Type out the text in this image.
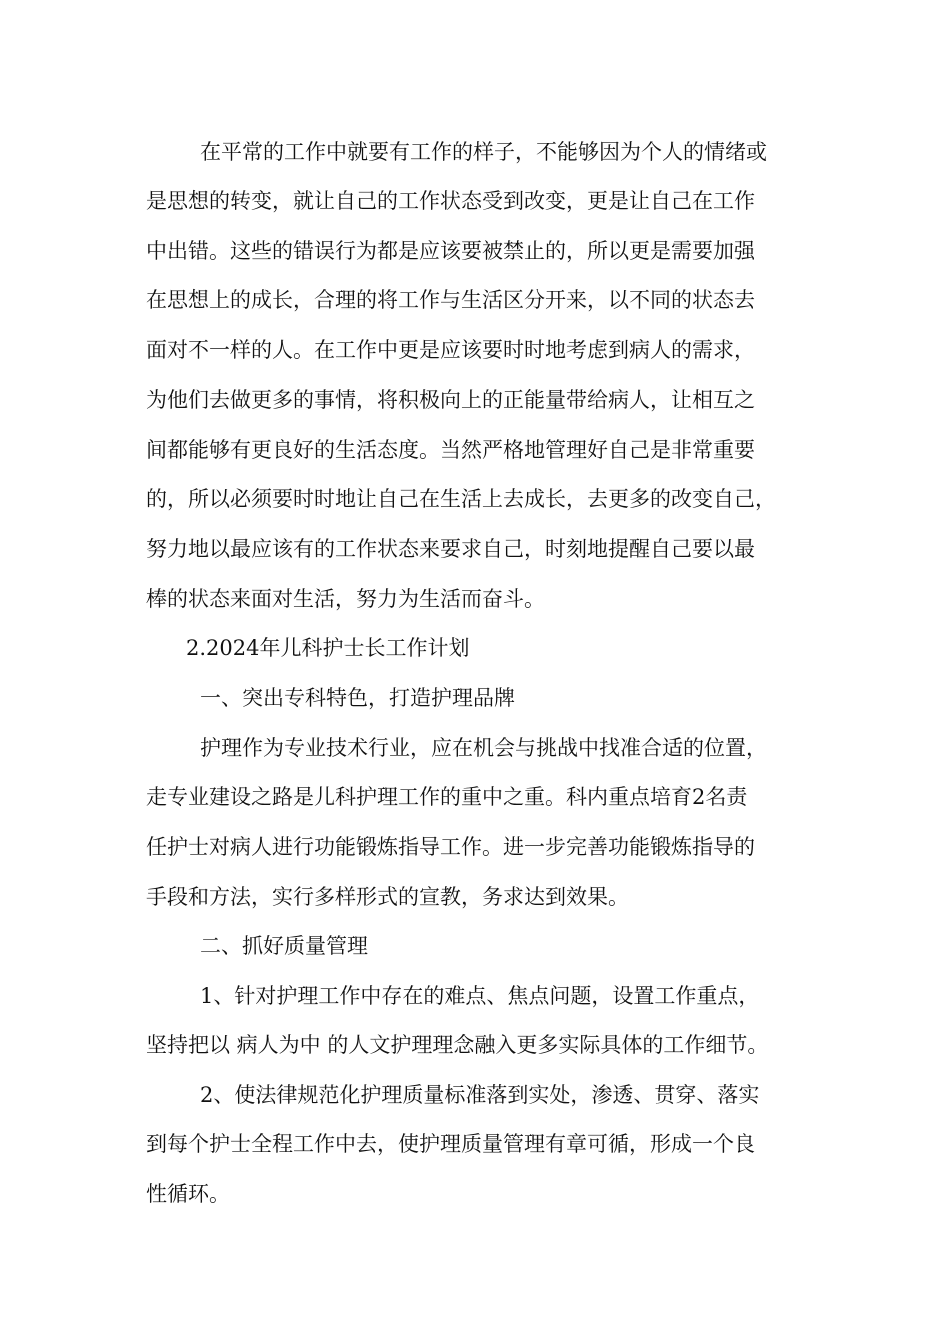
在平常的工作中就要有工作的样子，不能够因为个人的情绪或
是思想的转变，就让自己的工作状态受到改变，更是让自己在工作
中出错。这些的错误行为都是应该要被禁止的，所以更是需要加强
在思想上的成长，合理的将工作与生活区分开来，以不同的状态去
面对不一样的人。在工作中更是应该要时时地考虑到病人的需求，
为他们去做更多的事情，将积极向上的正能量带给病人，让相互之
间都能够有更良好的生活态度。当然严格地管理好自己是非常重要
的，所以必须要时时地让自己在生活上去成长，去更多的改变自己，
努力地以最应该有的工作状态来要求自己，时刻地提醒自己要以最
棒的状态来面对生活，努力为生活而奋斗。
2.2024年儿科护士长工作计划
一、突出专科特色，打造护理品牌
护理作为专业技术行业，应在机会与挑战中找准合适的位置，
走专业建设之路是儿科护理工作的重中之重。科内重点培育2名责
任护士对病人进行功能锻炼指导工作。进一步完善功能锻炼指导的
手段和方法，实行多样形式的宣教，务求达到效果。
二、抓好质量管理
1、针对护理工作中存在的难点、焦点问题，设置工作重点，
坚持把以 病人为中 的人文护理理念融入更多实际具体的工作细节。
2、使法律规范化护理质量标准落到实处，渗透、贯穿、落实
到每个护士全程工作中去，使护理质量管理有章可循，形成一个良
性循环。
